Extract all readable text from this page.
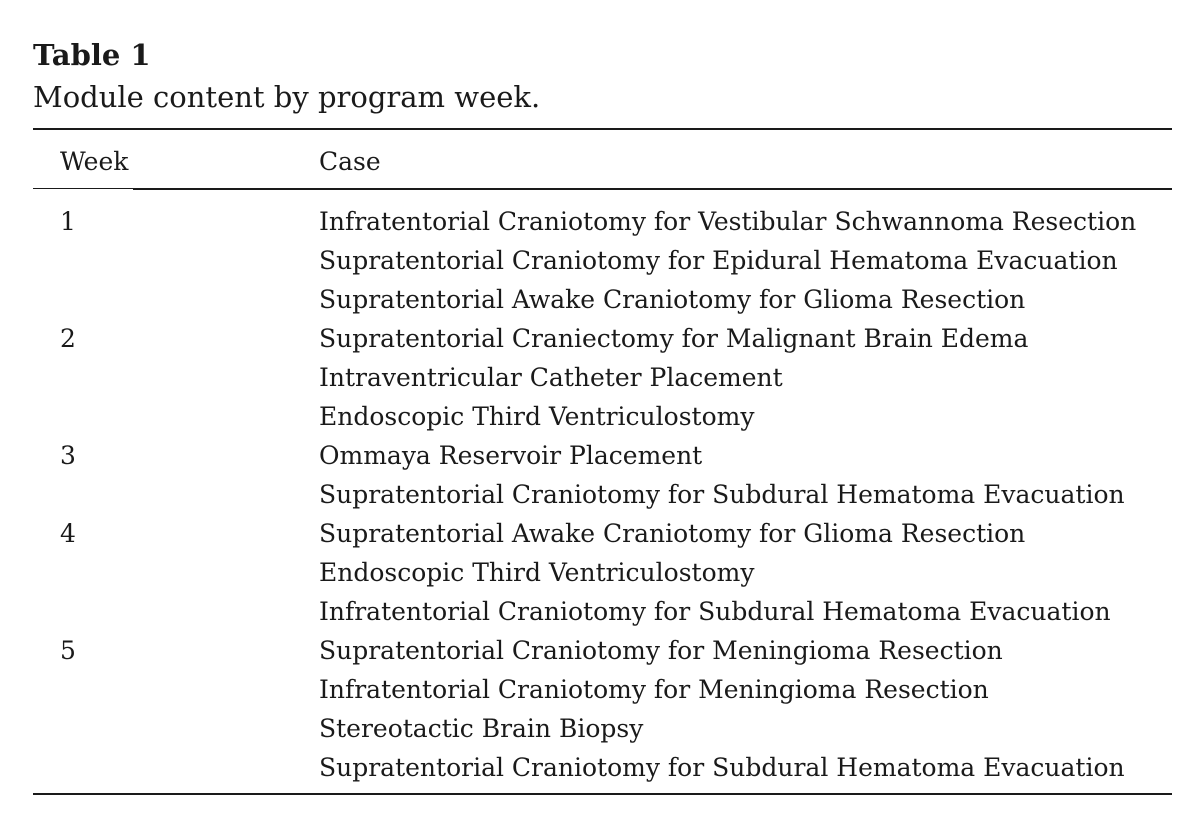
Table 1
Module content by program week.
Week	Case
1	Infratentorial Craniotomy for Vestibular Schwannoma Resection
Supratentorial Craniotomy for Epidural Hematoma Evacuation
Supratentorial Awake Craniotomy for Glioma Resection
2	Supratentorial Craniectomy for Malignant Brain Edema
Intraventricular Catheter Placement
Endoscopic Third Ventriculostomy
3	Ommaya Reservoir Placement
Supratentorial Craniotomy for Subdural Hematoma Evacuation
4	Supratentorial Awake Craniotomy for Glioma Resection
Endoscopic Third Ventriculostomy
Infratentorial Craniotomy for Subdural Hematoma Evacuation
5	Supratentorial Craniotomy for Meningioma Resection
Infratentorial Craniotomy for Meningioma Resection
Stereotactic Brain Biopsy
Supratentorial Craniotomy for Subdural Hematoma Evacuation
